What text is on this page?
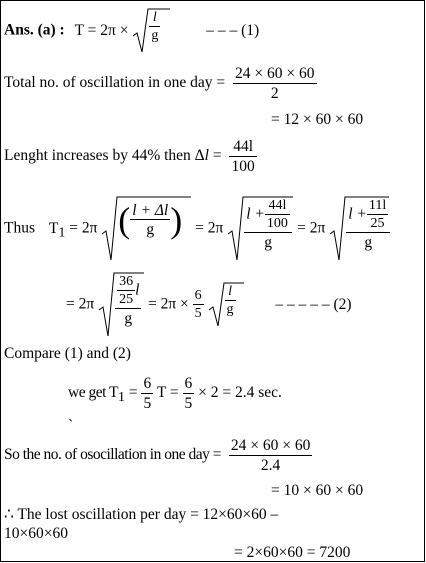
Ans. (a) : $T = 2\pi \times \frac{l}{g}$	– – – (1)
Total no. of oscillation in one day = $\frac{24 \times 60 \times 60}{2}$
= 12 × 60 × 60
Lenght increases by 44% then $\Delta l = \frac{44l}{100}$
Thus $T_1 = 2\pi$ ( $\frac{l + \Delta l}{g}$ ) = $2\pi \frac{l + \frac{44l}{100}}{g} = 2\pi \frac{l + \frac{11l}{25}}{g}$
= $2\pi \frac{\frac{36}{25} l}{g} = 2\pi \times \frac{6}{5}$
$\frac{l}{g}$	– – – – – (2)
Compare (1) and (2)
we get $T_1 = \frac{6}{5}$ $T = \frac{6}{5} \times 2 = 2.4$ sec.
`
So the no. of osocillation in one day = $\frac{24 \times 60 \times 60}{2.4}$
= 10 × 60 × 60
∴ The lost oscillation per day = 12×60×60 –
10×60×60
= 2×60×60 = 7200
